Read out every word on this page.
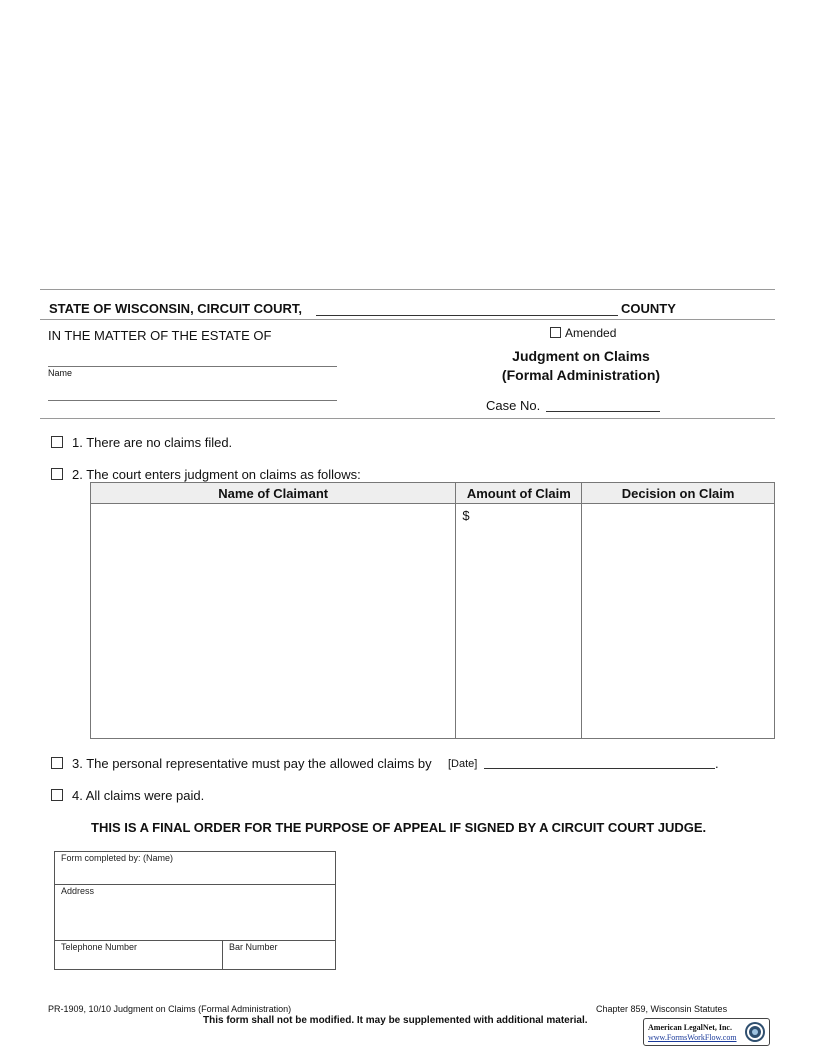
STATE OF WISCONSIN, CIRCUIT COURT,	COUNTY
IN THE MATTER OF THE ESTATE OF
Name
Amended
Judgment on Claims
(Formal Administration)
Case No.
1. There are no claims filed.
2. The court enters judgment on claims as follows:
Name of Claimant	Amount of Claim	Decision on Claim
	$	
3. The personal representative must pay the allowed claims by [Date]	.
4. All claims were paid.
THIS IS A FINAL ORDER FOR THE PURPOSE OF APPEAL IF SIGNED BY A CIRCUIT COURT JUDGE.
Form completed by: (Name)
Address
Telephone Number	Bar Number
PR-1909, 10/10 Judgment on Claims (Formal Administration)	Chapter 859, Wisconsin Statutes
This form shall not be modified. It may be supplemented with additional material.
American LegalNet, Inc.
www.FormsWorkFlow.com
